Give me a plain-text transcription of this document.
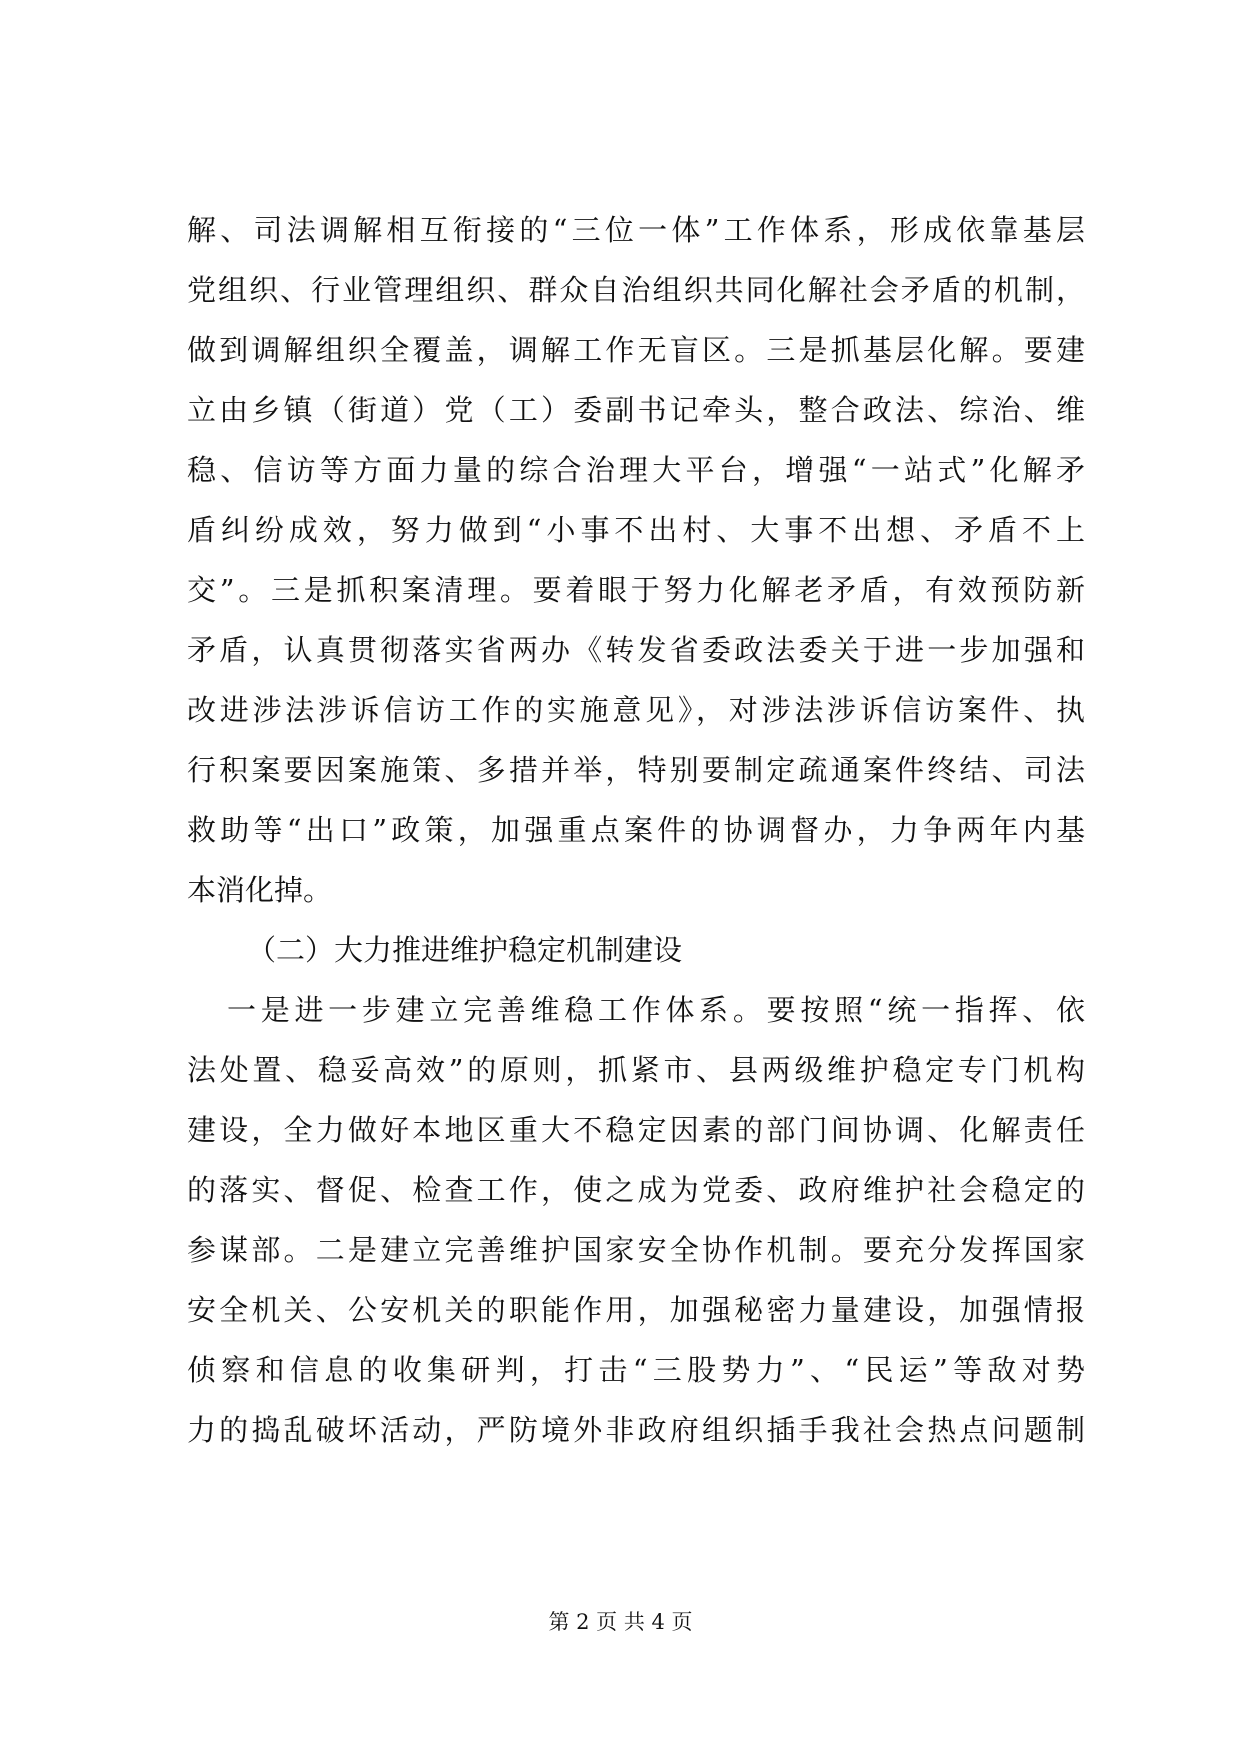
解、司法调解相互衔接的“三位一体”工作体系，形成依靠基层
党组织、行业管理组织、群众自治组织共同化解社会矛盾的机制，
做到调解组织全覆盖，调解工作无盲区。三是抓基层化解。要建
立由乡镇（街道）党（工）委副书记牵头，整合政法、综治、维
稳、信访等方面力量的综合治理大平台，增强“一站式”化解矛
盾纠纷成效，努力做到“小事不出村、大事不出想、矛盾不上
交”。三是抓积案清理。要着眼于努力化解老矛盾，有效预防新
矛盾，认真贯彻落实省两办《转发省委政法委关于进一步加强和
改进涉法涉诉信访工作的实施意见》，对涉法涉诉信访案件、执
行积案要因案施策、多措并举，特别要制定疏通案件终结、司法
救助等“出口”政策，加强重点案件的协调督办，力争两年内基
本消化掉。
（二）大力推进维护稳定机制建设
一是进一步建立完善维稳工作体系。要按照“统一指挥、依
法处置、稳妥高效”的原则，抓紧市、县两级维护稳定专门机构
建设，全力做好本地区重大不稳定因素的部门间协调、化解责任
的落实、督促、检查工作，使之成为党委、政府维护社会稳定的
参谋部。二是建立完善维护国家安全协作机制。要充分发挥国家
安全机关、公安机关的职能作用，加强秘密力量建设，加强情报
侦察和信息的收集研判，打击“三股势力”、“民运”等敌对势
力的捣乱破坏活动，严防境外非政府组织插手我社会热点问题制
第 2 页 共 4 页
